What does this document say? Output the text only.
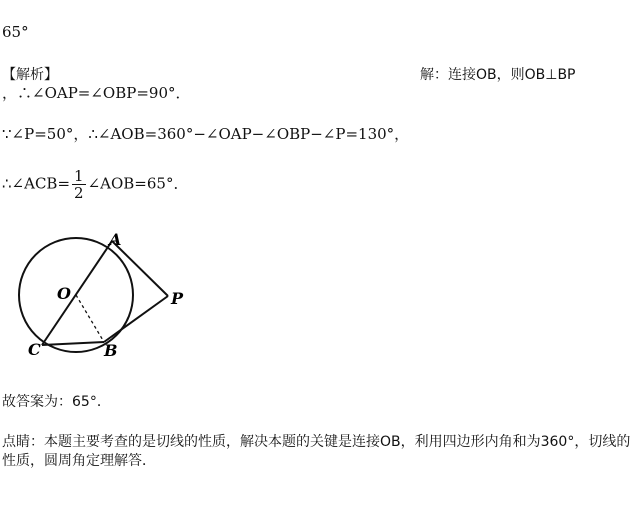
65°
【解析】	解：连接OB，则OB⊥BP
，∴∠OAP=∠OBP=90°．
∵∠P=50°，∴∠AOB=360°−∠OAP−∠OBP−∠P=130°，
∴∠ACB= $\frac{1}{2}$ ∠AOB=65°．
A
O	P
C	B
故答案为：65°．
点睛：本题主要考查的是切线的性质，解决本题的关键是连接OB，利用四边形内角和为360°，切线的
性质，圆周角定理解答．
